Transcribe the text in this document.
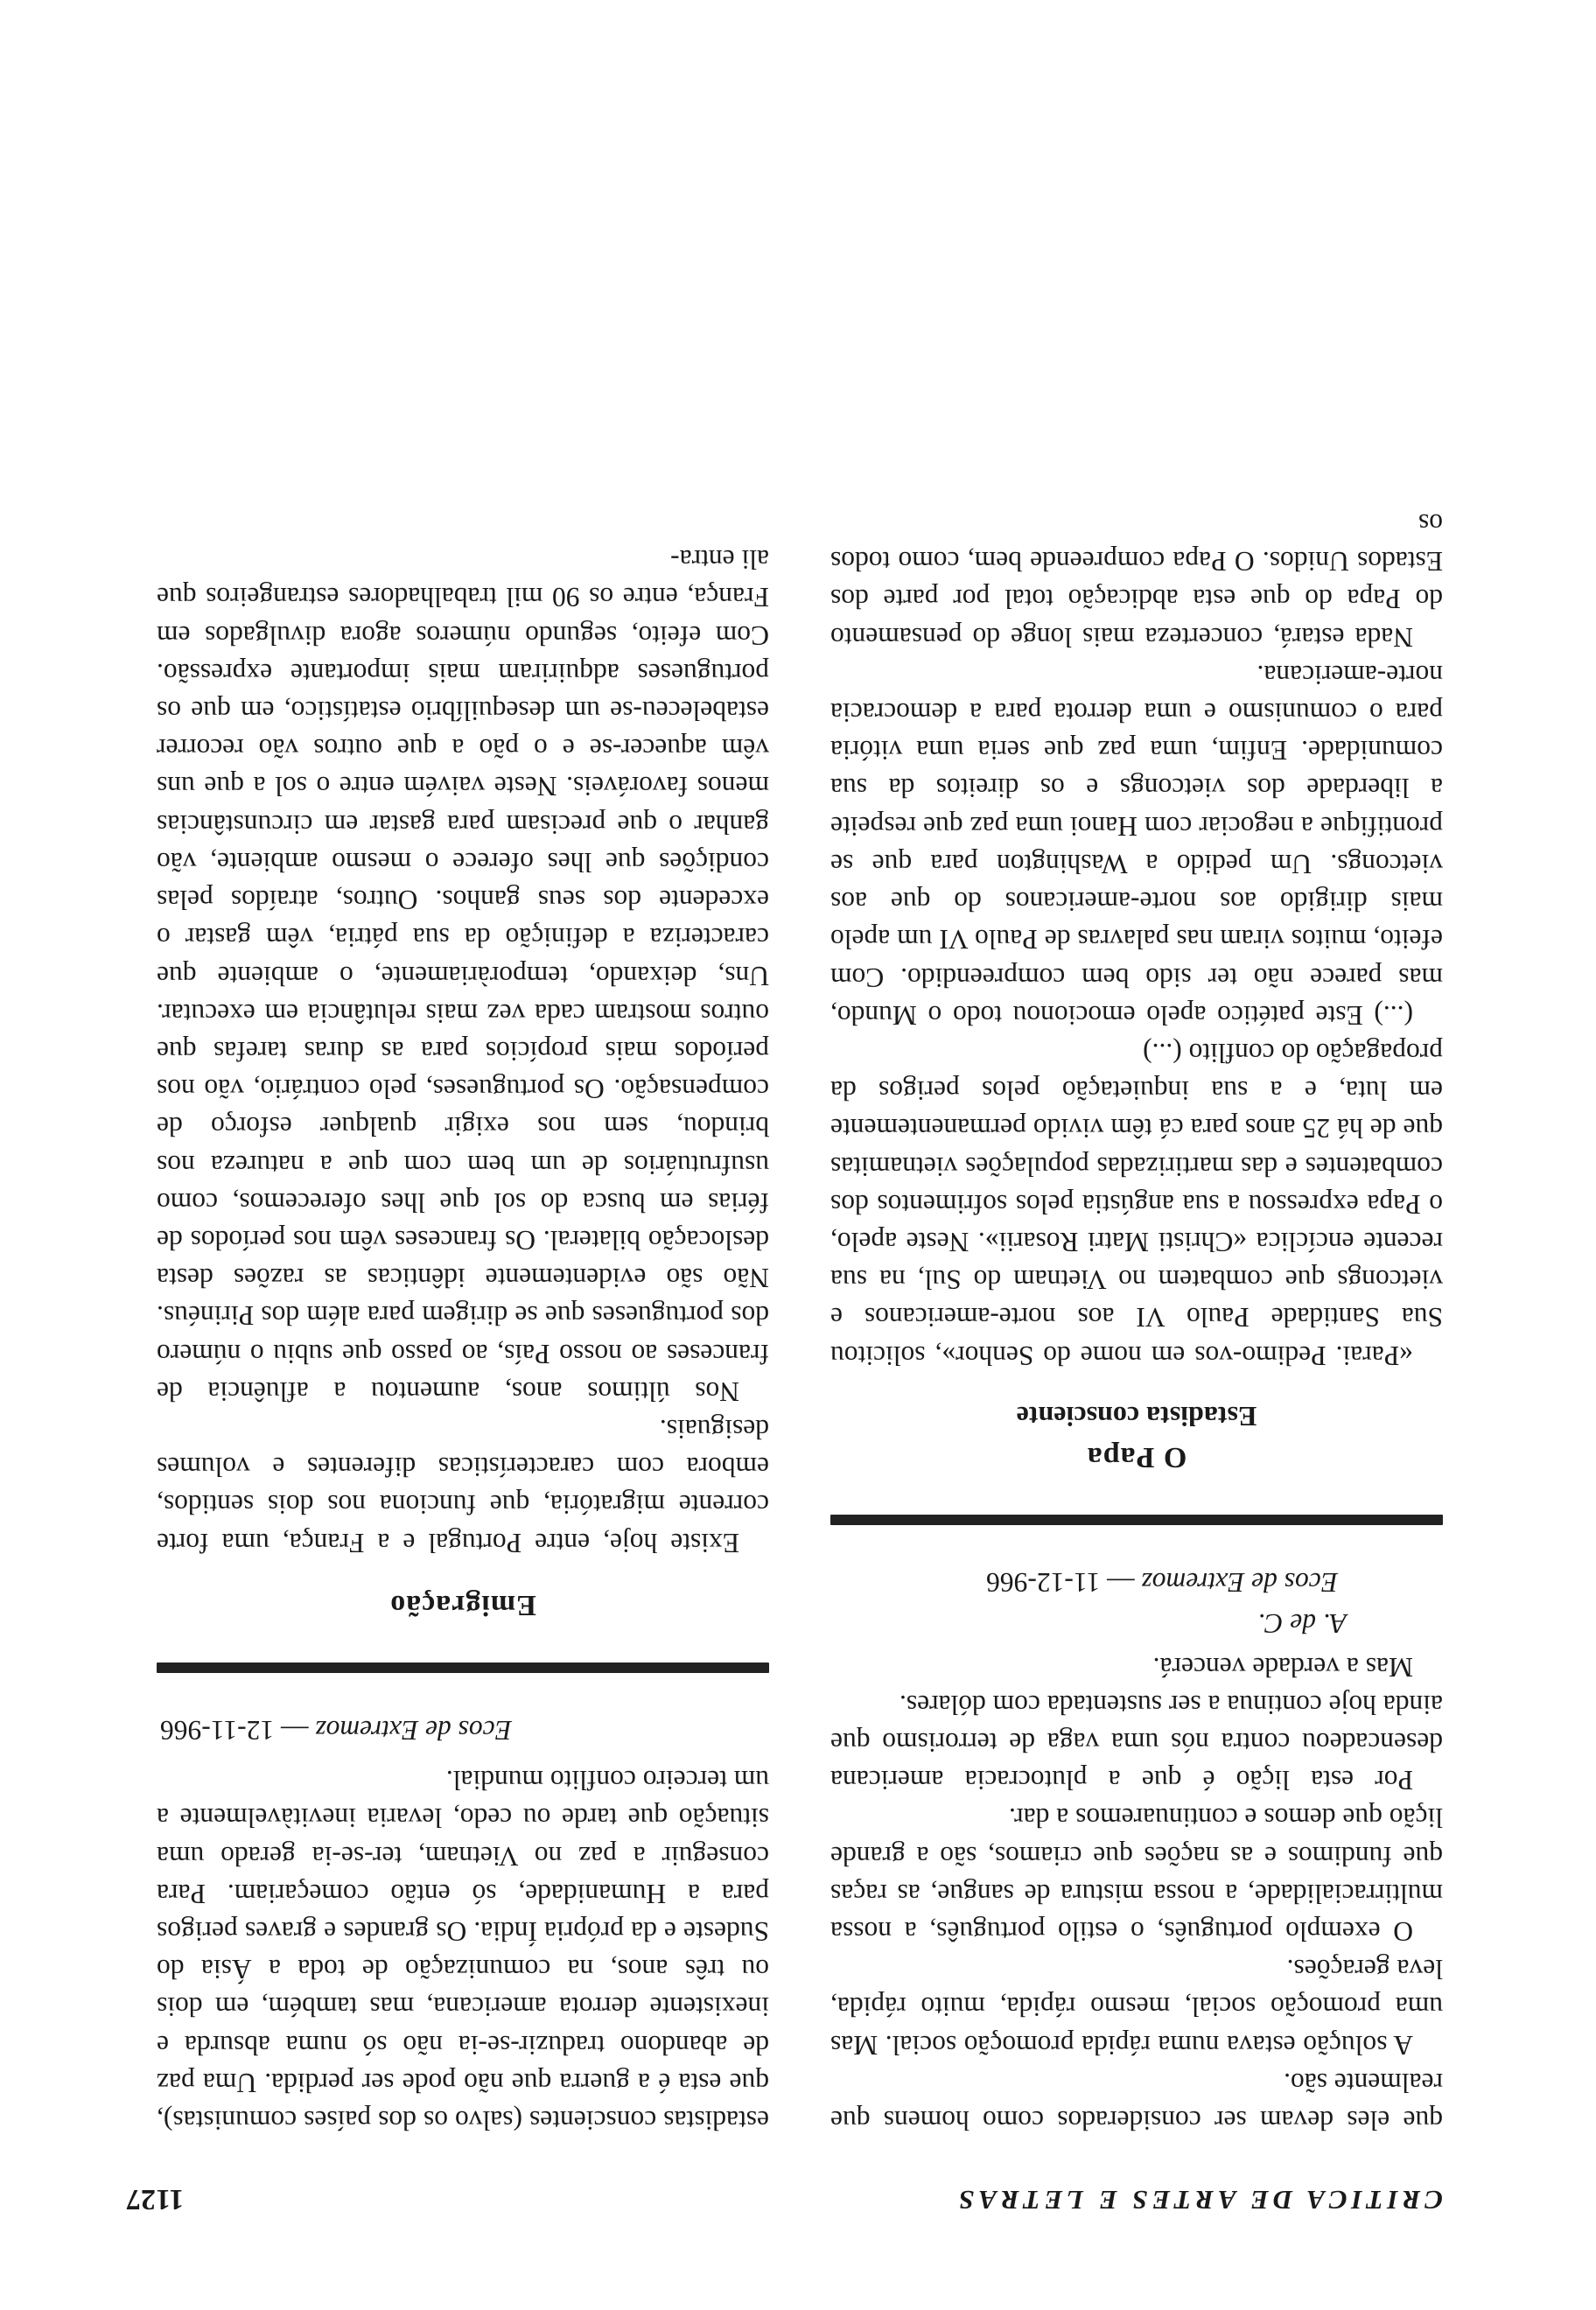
CRITICA DE ARTES E LETRAS
1127

que eles devam ser considerados como homens que realmente são.

A solução estava numa rápida promoção social. Mas uma promoção social, mesmo rápida, muito rápida, leva gerações.

O exemplo português, o estilo português, a nossa multirracialidade, a nossa mistura de sangue, as raças que fundimos e as nações que criamos, são a grande lição que demos e continuaremos a dar.

Por esta lição é que a plutocracia americana desencadeou contra nós uma vaga de terrorismo que ainda hoje continua a ser sustentada com dólares.

Mas a verdade vencerá.

A. de C.
Ecos de Extremoz — 11-12-966
O Papa
Estadista consciente

«Parai. Pedimo-vos em nome do Senhor», solicitou Sua Santidade Paulo VI aos norte-americanos e vietcongs que combatem no Vietnam do Sul, na sua recente encíclica «Christi Matri Rosarii». Neste apelo, o Papa expressou a sua angústia pelos sofrimentos dos combatentes e das martirizadas populações vietnamitas que de há 25 anos para cá têm vivido permanentemente em luta, e a sua inquietação pelos perigos da propagação do conflito (...)

(...) Este patético apelo emocionou todo o Mundo, mas parece não ter sido bem compreendido. Com efeito, muitos viram nas palavras de Paulo VI um apelo mais dirigido aos norte-americanos do que aos vietcongs. Um pedido a Washington para que se prontifique a negociar com Hanoi uma paz que respeite a liberdade dos vietcongs e os direitos da sua comunidade. Enfim, uma paz que seria uma vitória para o comunismo e uma derrota para a democracia norte-americana.

Nada estará, concerteza mais longe do pensamento do Papa do que esta abdicação total por parte dos Estados Unidos. O Papa compreende bem, como todos os

estadistas conscientes (salvo os dos países comunistas), que esta é a guerra que não pode ser perdida. Uma paz de abandono traduzir-se-ia não só numa absurda e inexistente derrota americana, mas também, em dois ou três anos, na comunização de toda a Ásia do Sudeste e da própria Índia. Os grandes e graves perigos para a Humanidade, só então começariam. Para conseguir a paz no Vietnam, ter-se-ia gerado uma situação que tarde ou cedo, levaria inevitàvelmente a um terceiro conflito mundial.

Ecos de Extremoz — 12-11-966
Emigração

Existe hoje, entre Portugal e a França, uma forte corrente migratória, que funciona nos dois sentidos, embora com características diferentes e volumes desiguais.

Nos últimos anos, aumentou a afluência de franceses ao nosso País, ao passo que subiu o número dos portugueses que se dirigem para além dos Pirinéus. Não são evidentemente idênticas as razões desta deslocação bilateral. Os franceses vêm nos períodos de férias em busca do sol que lhes oferecemos, como usufrutuários de um bem com que a natureza nos brindou, sem nos exigir qualquer esforço de compensação. Os portugueses, pelo contrário, vão nos períodos mais propícios para as duras tarefas que outros mostram cada vez mais relutância em executar. Uns, deixando, temporàriamente, o ambiente que caracteriza a definição da sua pátria, vêm gastar o excedente dos seus ganhos. Outros, atraídos pelas condições que lhes oferece o mesmo ambiente, vão ganhar o que precisam para gastar em circunstâncias menos favoráveis. Neste vaivém entre o sol a que uns vêm aquecer-se e o pão a que outros vão recorrer estabeleceu-se um desequilíbrio estatístico, em que os portugueses adquiriram mais importante expressão. Com efeito, segundo números agora divulgados em França, entre os 90 mil trabalhadores estrangeiros que ali entra-
